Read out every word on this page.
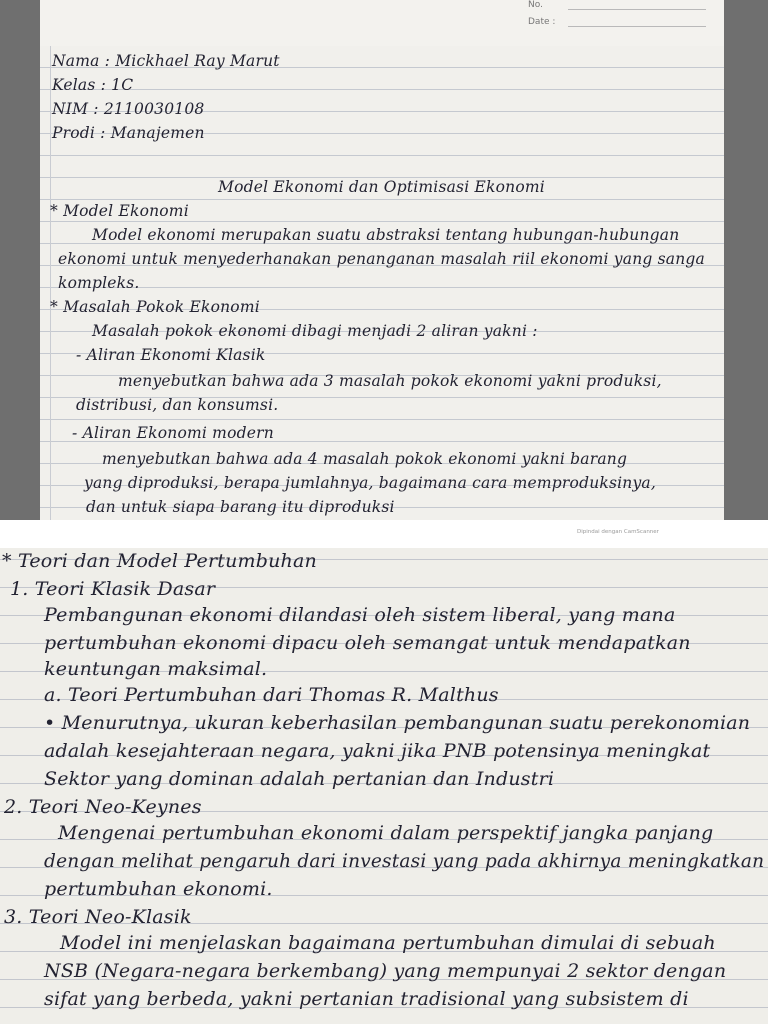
No.
Date :
Nama : Mickhael Ray Marut
Kelas : 1C
NIM : 2110030108
Prodi : Manajemen
Model Ekonomi dan Optimisasi Ekonomi
* Model Ekonomi
Model ekonomi merupakan suatu abstraksi tentang hubungan-hubungan
ekonomi untuk menyederhanakan penanganan masalah riil ekonomi yang sanga
kompleks.
* Masalah Pokok Ekonomi
Masalah pokok ekonomi dibagi menjadi 2 aliran yakni :
- Aliran Ekonomi Klasik
menyebutkan bahwa ada 3 masalah pokok ekonomi yakni produksi,
distribusi, dan konsumsi.
- Aliran Ekonomi modern
menyebutkan bahwa ada 4 masalah pokok ekonomi yakni barang
yang diproduksi, berapa jumlahnya, bagaimana cara memproduksinya,
dan untuk siapa barang itu diproduksi
Dipindai dengan CamScanner
* Teori dan Model Pertumbuhan
1. Teori Klasik Dasar
Pembangunan ekonomi dilandasi oleh sistem liberal, yang mana
pertumbuhan ekonomi dipacu oleh semangat untuk mendapatkan
keuntungan maksimal.
a. Teori Pertumbuhan dari Thomas R. Malthus
• Menurutnya, ukuran keberhasilan pembangunan suatu perekonomian
adalah kesejahteraan negara, yakni jika PNB potensinya meningkat
Sektor yang dominan adalah pertanian dan Industri
2. Teori Neo-Keynes
Mengenai pertumbuhan ekonomi dalam perspektif jangka panjang
dengan melihat pengaruh dari investasi yang pada akhirnya meningkatkan
pertumbuhan ekonomi.
3. Teori Neo-Klasik
Model ini menjelaskan bagaimana pertumbuhan dimulai di sebuah
NSB (Negara-negara berkembang) yang mempunyai 2 sektor dengan
sifat yang berbeda, yakni pertanian tradisional yang subsistem di
